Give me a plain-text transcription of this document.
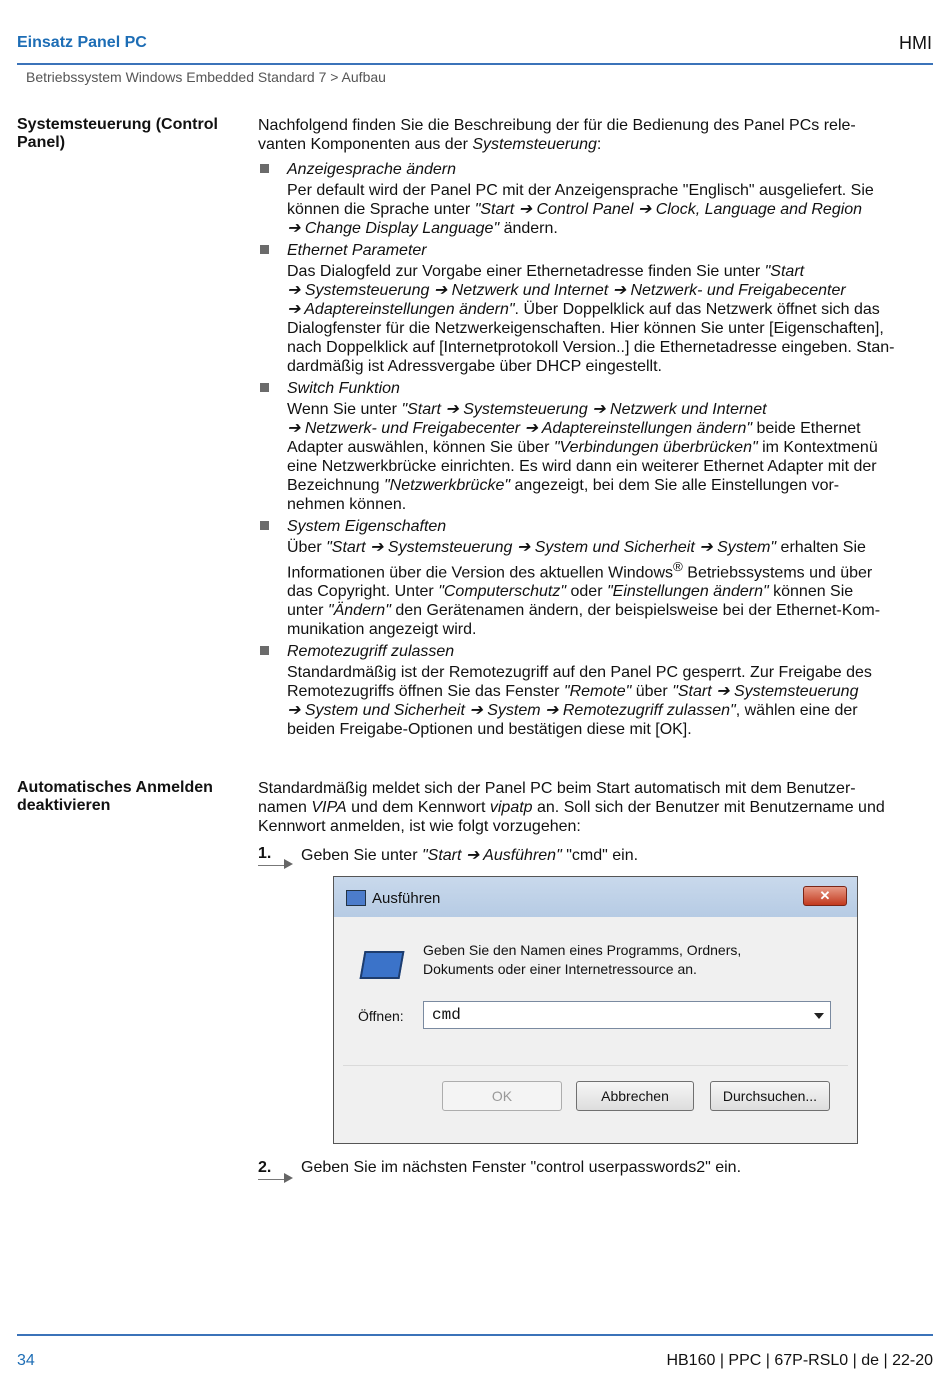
Einsatz Panel PC	HMI
Betriebssystem Windows Embedded Standard 7 > Aufbau
Systemsteuerung (Control Panel)
Nachfolgend finden Sie die Beschreibung der für die Bedienung des Panel PCs rele-
vanten Komponenten aus der Systemsteuerung:
Anzeigesprache ändern
Per default wird der Panel PC mit der Anzeigensprache "Englisch" ausgeliefert. Sie
können die Sprache unter "Start ➔ Control Panel ➔ Clock, Language and Region
➔ Change Display Language" ändern.
Ethernet Parameter
Das Dialogfeld zur Vorgabe einer Ethernetadresse finden Sie unter "Start
➔ Systemsteuerung ➔ Netzwerk und Internet ➔ Netzwerk- und Freigabecenter
➔ Adaptereinstellungen ändern". Über Doppelklick auf das Netzwerk öffnet sich das
Dialogfenster für die Netzwerkeigenschaften. Hier können Sie unter [Eigenschaften],
nach Doppelklick auf [Internetprotokoll Version..] die Ethernetadresse eingeben. Stan-
dardmäßig ist Adressvergabe über DHCP eingestellt.
Switch Funktion
Wenn Sie unter "Start ➔ Systemsteuerung ➔ Netzwerk und Internet
➔ Netzwerk- und Freigabecenter ➔ Adaptereinstellungen ändern" beide Ethernet
Adapter auswählen, können Sie über "Verbindungen überbrücken" im Kontextmenü
eine Netzwerkbrücke einrichten. Es wird dann ein weiterer Ethernet Adapter mit der
Bezeichnung "Netzwerkbrücke" angezeigt, bei dem Sie alle Einstellungen vor-
nehmen können.
System Eigenschaften
Über "Start ➔ Systemsteuerung ➔ System und Sicherheit ➔ System" erhalten Sie
Informationen über die Version des aktuellen Windows® Betriebssystems und über
das Copyright. Unter "Computerschutz" oder "Einstellungen ändern" können Sie
unter "Ändern" den Gerätenamen ändern, der beispielsweise bei der Ethernet-Kom-
munikation angezeigt wird.
Remotezugriff zulassen
Standardmäßig ist der Remotezugriff auf den Panel PC gesperrt. Zur Freigabe des
Remotezugriffs öffnen Sie das Fenster "Remote" über "Start ➔ Systemsteuerung
➔ System und Sicherheit ➔ System ➔ Remotezugriff zulassen", wählen eine der
beiden Freigabe-Optionen und bestätigen diese mit [OK].
Automatisches Anmelden deaktivieren
Standardmäßig meldet sich der Panel PC beim Start automatisch mit dem Benutzer-
namen VIPA und dem Kennwort vipatp an. Soll sich der Benutzer mit Benutzername und
Kennwort anmelden, ist wie folgt vorzugehen:
1. Geben Sie unter "Start ➔ Ausführen" "cmd" ein.
Ausführen	✕
Geben Sie den Namen eines Programms, Ordners,
Dokuments oder einer Internetressource an.
Öffnen: cmd
OK	Abbrechen	Durchsuchen...
2. Geben Sie im nächsten Fenster "control userpasswords2" ein.
34	HB160 | PPC | 67P-RSL0 | de | 22-20
